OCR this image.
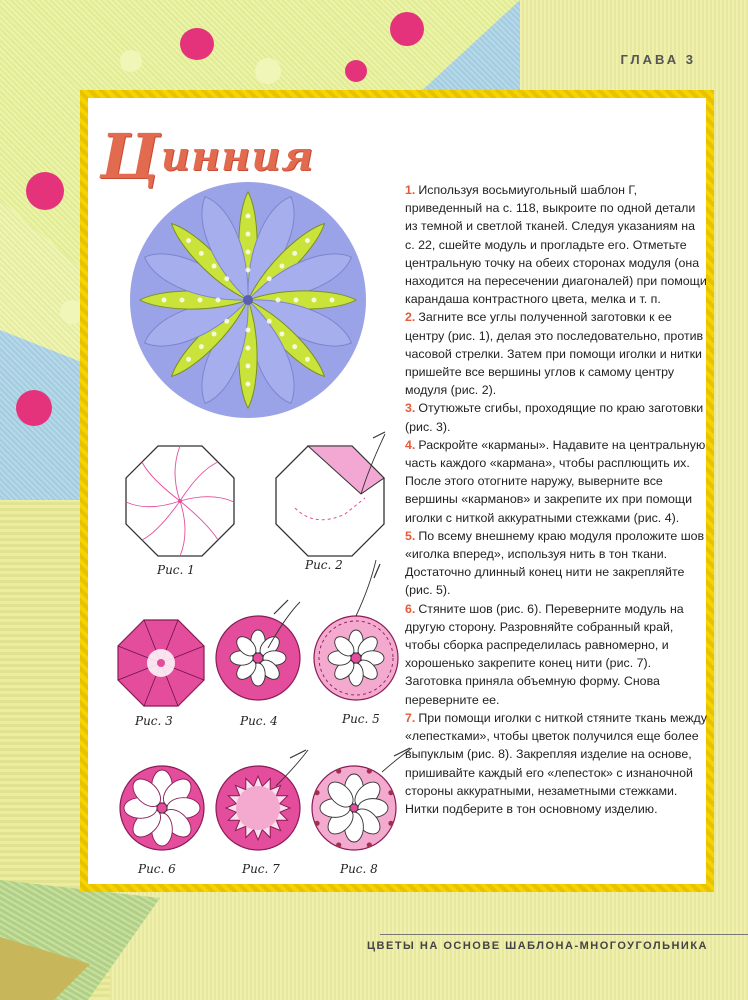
ГЛАВА 3
Цинния
Рис. 1	Рис. 2
Рис. 3	Рис. 4	Рис. 5
Рис. 6	Рис. 7	Рис. 8

1. Используя восьмиугольный шаблон Г, приведенный на с. 118, выкроите по одной детали из темной и светлой тканей. Следуя указаниям на с. 22, сшейте модуль и прогладьте его. Отметьте центральную точку на обеих сторонах модуля (она находится на пересечении диагоналей) при помощи карандаша контрастного цвета, мелка и т. п.

2. Загните все углы полученной заготовки к ее центру (рис. 1), делая это последовательно, против часовой стрелки. Затем при помощи иголки и нитки пришейте все вершины углов к самому центру модуля (рис. 2).

3. Отутюжьте сгибы, проходящие по краю заготовки (рис. 3).

4. Раскройте «карманы». Надавите на центральную часть каждого «кармана», чтобы расплющить их. После этого отогните наружу, выверните все вершины «карманов» и закрепите их при помощи иголки с ниткой аккуратными стежками (рис. 4).

5. По всему внешнему краю модуля проложите шов «иголка вперед», используя нить в тон ткани. Достаточно длинный конец нити не закрепляйте (рис. 5).

6. Стяните шов (рис. 6). Переверните модуль на другую сторону. Разровняйте собранный край, чтобы сборка распределилась равномерно, и хорошенько закрепите конец нити (рис. 7). Заготовка приняла объемную форму. Снова переверните ее.

7. При помощи иголки с ниткой стяните ткань между «лепестками», чтобы цветок получился еще более выпуклым (рис. 8). Закрепляя изделие на основе, пришивайте каждый его «лепесток» с изнаночной стороны аккуратными, незаметными стежками. Нитки подберите в тон основному изделию.

ЦВЕТЫ НА ОСНОВЕ ШАБЛОНА-МНОГОУГОЛЬНИКА
